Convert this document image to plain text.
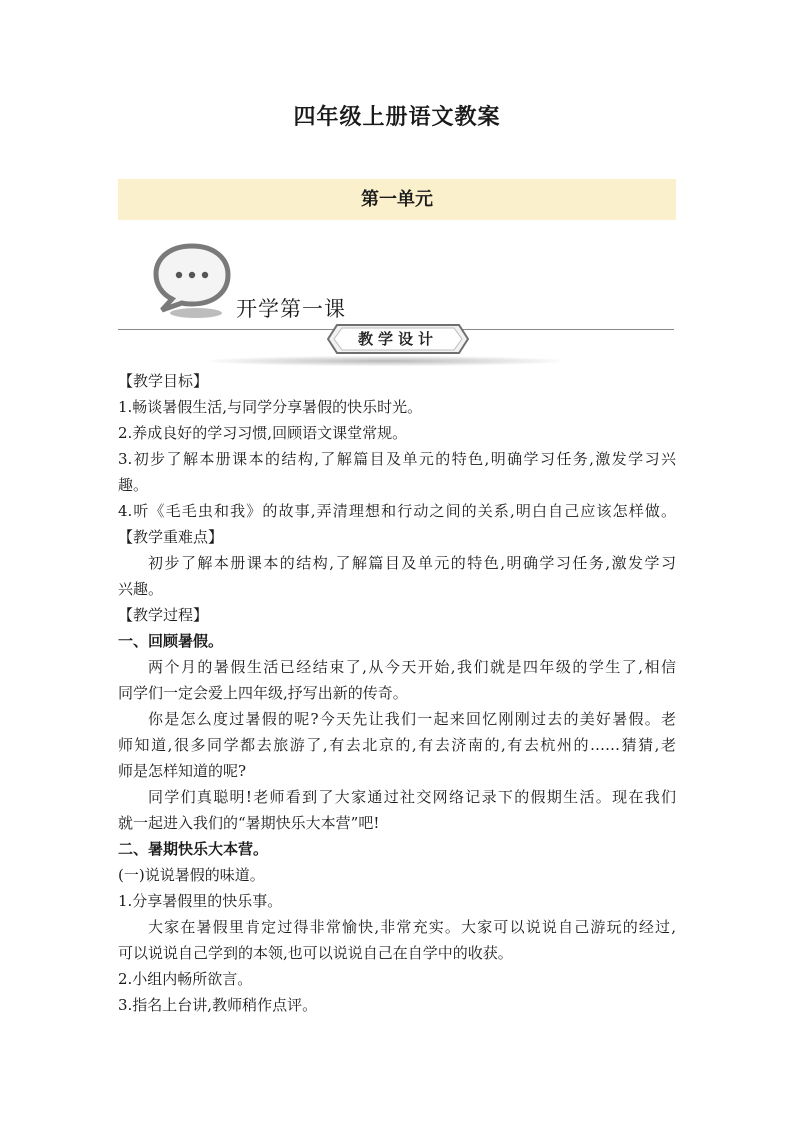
四年级上册语文教案
第一单元
开学第一课
教学设计
【教学目标】
1.畅谈暑假生活,与同学分享暑假的快乐时光。
2.养成良好的学习习惯,回顾语文课堂常规。
3.初步了解本册课本的结构,了解篇目及单元的特色,明确学习任务,激发学习兴
趣。
4.听《毛毛虫和我》的故事,弄清理想和行动之间的关系,明白自己应该怎样做。
【教学重难点】
初步了解本册课本的结构,了解篇目及单元的特色,明确学习任务,激发学习
兴趣。
【教学过程】
一、回顾暑假。
两个月的暑假生活已经结束了,从今天开始,我们就是四年级的学生了,相信
同学们一定会爱上四年级,抒写出新的传奇。
你是怎么度过暑假的呢?今天先让我们一起来回忆刚刚过去的美好暑假。老
师知道,很多同学都去旅游了,有去北京的,有去济南的,有去杭州的……猜猜,老
师是怎样知道的呢?
同学们真聪明!老师看到了大家通过社交网络记录下的假期生活。现在我们
就一起进入我们的“暑期快乐大本营”吧!
二、暑期快乐大本营。
(一)说说暑假的味道。
1.分享暑假里的快乐事。
大家在暑假里肯定过得非常愉快,非常充实。大家可以说说自己游玩的经过,
可以说说自己学到的本领,也可以说说自己在自学中的收获。
2.小组内畅所欲言。
3.指名上台讲,教师稍作点评。
